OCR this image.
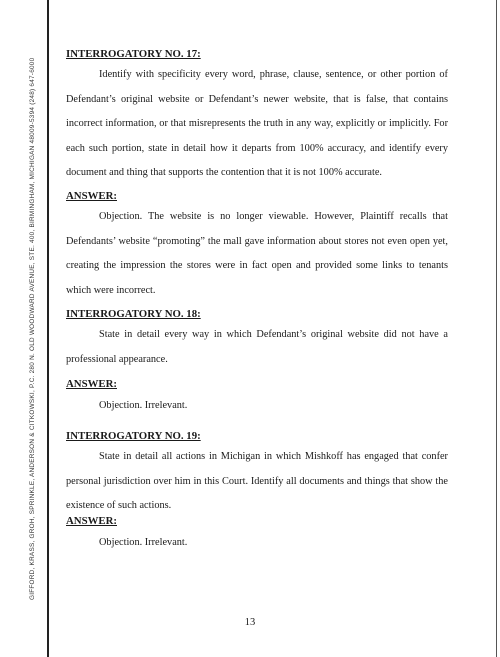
GIFFORD, KRASS, GROH, SPRINKLE, ANDERSON & CITKOWSKI, P.C. 280 N. OLD WOODWARD AVENUE, STE. 400, BIRMINGHAM, MICHIGAN 48009-5394 (248) 647-6000
INTERROGATORY NO. 17:
Identify with specificity every word, phrase, clause, sentence, or other portion of Defendant’s original website or Defendant’s newer website, that is false, that contains incorrect information, or that misrepresents the truth in any way, explicitly or implicitly. For each such portion, state in detail how it departs from 100% accuracy, and identify every document and thing that supports the contention that it is not 100% accurate.
ANSWER:
Objection. The website is no longer viewable. However, Plaintiff recalls that Defendants’ website “promoting” the mall gave information about stores not even open yet, creating the impression the stores were in fact open and provided some links to tenants which were incorrect.
INTERROGATORY NO. 18:
State in detail every way in which Defendant’s original website did not have a professional appearance.
ANSWER:
Objection. Irrelevant.
INTERROGATORY NO. 19:
State in detail all actions in Michigan in which Mishkoff has engaged that confer personal jurisdiction over him in this Court. Identify all documents and things that show the existence of such actions.
ANSWER:
Objection. Irrelevant.
13
